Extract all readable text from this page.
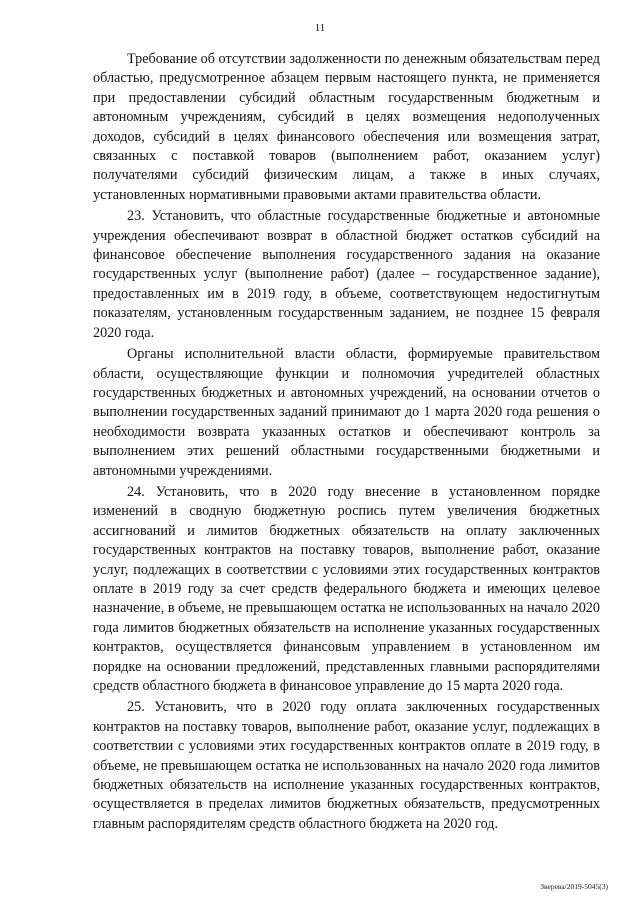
11

Требование об отсутствии задолженности по денежным обязательствам перед областью, предусмотренное абзацем первым настоящего пункта, не применяется при предоставлении субсидий областным государственным бюджетным и автономным учреждениям, субсидий в целях возмещения недополученных доходов, субсидий в целях финансового обеспечения или возмещения затрат, связанных с поставкой товаров (выполнением работ, оказанием услуг) получателями субсидий физическим лицам, а также в иных случаях, установленных нормативными правовыми актами правительства области.

23. Установить, что областные государственные бюджетные и автономные учреждения обеспечивают возврат в областной бюджет остатков субсидий на финансовое обеспечение выполнения государственного задания на оказание государственных услуг (выполнение работ) (далее – государственное задание), предоставленных им в 2019 году, в объеме, соответствующем недостигнутым показателям, установленным государственным заданием, не позднее 15 февраля 2020 года.

Органы исполнительной власти области, формируемые правительством области, осуществляющие функции и полномочия учредителей областных государственных бюджетных и автономных учреждений, на основании отчетов о выполнении государственных заданий принимают до 1 марта 2020 года решения о необходимости возврата указанных остатков и обеспечивают контроль за выполнением этих решений областными государственными бюджетными и автономными учреждениями.

24. Установить, что в 2020 году внесение в установленном порядке изменений в сводную бюджетную роспись путем увеличения бюджетных ассигнований и лимитов бюджетных обязательств на оплату заключенных государственных контрактов на поставку товаров, выполнение работ, оказание услуг, подлежащих в соответствии с условиями этих государственных контрактов оплате в 2019 году за счет средств федерального бюджета и имеющих целевое назначение, в объеме, не превышающем остатка не использованных на начало 2020 года лимитов бюджетных обязательств на исполнение указанных государственных контрактов, осуществляется финансовым управлением в установленном им порядке на основании предложений, представленных главными распорядителями средств областного бюджета в финансовое управление до 15 марта 2020 года.

25. Установить, что в 2020 году оплата заключенных государственных контрактов на поставку товаров, выполнение работ, оказание услуг, подлежащих в соответствии с условиями этих государственных контрактов оплате в 2019 году, в объеме, не превышающем остатка не использованных на начало 2020 года лимитов бюджетных обязательств на исполнение указанных государственных контрактов, осуществляется в пределах лимитов бюджетных обязательств, предусмотренных главным распорядителям средств областного бюджета на 2020 год.

Зверева/2019-5045(3)
